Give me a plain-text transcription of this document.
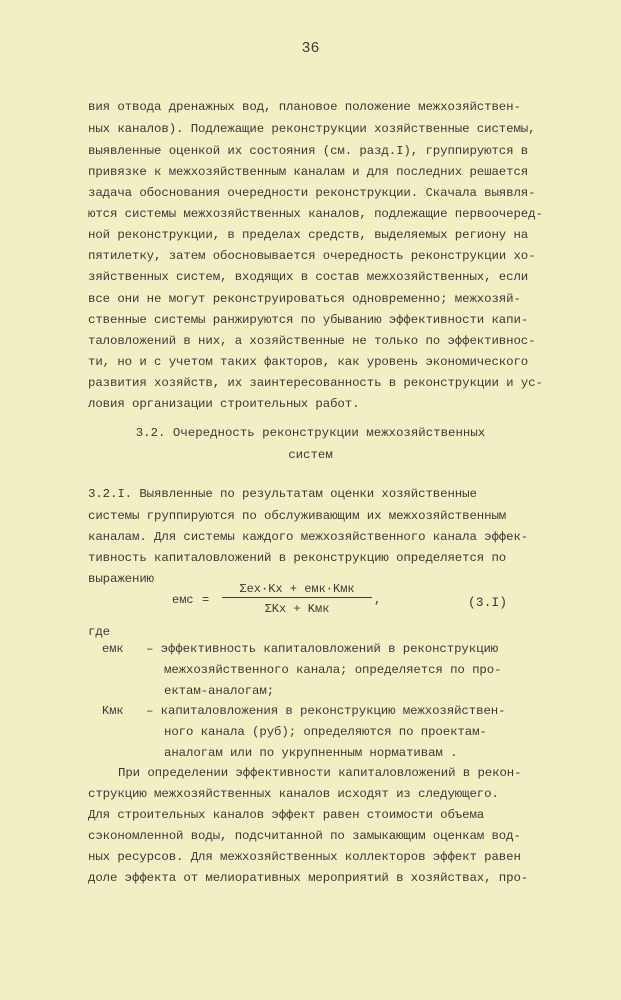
36
вия отвода дренажных вод, плановое положение межхозяйствен-
ных каналов). Подлежащие реконструкции хозяйственные системы,
выявленные оценкой их состояния (см. разд.I), группируются в
привязке к межхозяйственным каналам и для последних решается
задача обоснования очередности реконструкции. Скачала выявля-
ются системы межхозяйственных каналов, подлежащие первоочеред-
ной реконструкции, в пределах средств, выделяемых региону на
пятилетку, затем обосновывается очередность реконструкции хо-
зяйственных систем, входящих в состав межхозяйственных, если
все они не могут реконструироваться одновременно; межхозяй-
ственные системы ранжируются по убыванию эффективности капи-
таловложений в них, а хозяйственные не только по эффективнос-
ти, но и с учетом таких факторов, как уровень экономического
развития хозяйств, их заинтересованность в реконструкции и ус-
ловия организации строительных работ.
3.2. Очередность реконструкции межхозяйственных
систем
3.2.I. Выявленные по результатам оценки хозяйственные
системы группируются по обслуживающим их межхозяйственным
каналам. Для системы каждого межхозяйственного канала эффек-
тивность капиталовложений в реконструкцию определяется по
выражению
eмс =
Σeх·Kх + eмк·Kмк
ΣKх + Kмк
,	(3.I)
где
eмк – эффективность капиталовложений в реконструкцию
межхозяйственного канала; определяется по про-
ектам-аналогам;
Kмк – капиталовложения в реконструкцию межхозяйствен-
ного канала (руб); определяются по проектам-
аналогам или по укрупненным нормативам .
При определении эффективности капиталовложений в рекон-
струкцию межхозяйственных каналов исходят из следующего.
Для строительных каналов эффект равен стоимости объема
сэкономленной воды, подсчитанной по замыкающим оценкам вод-
ных ресурсов. Для межхозяйственных коллекторов эффект равен
доле эффекта от мелиоративных мероприятий в хозяйствах, про-
